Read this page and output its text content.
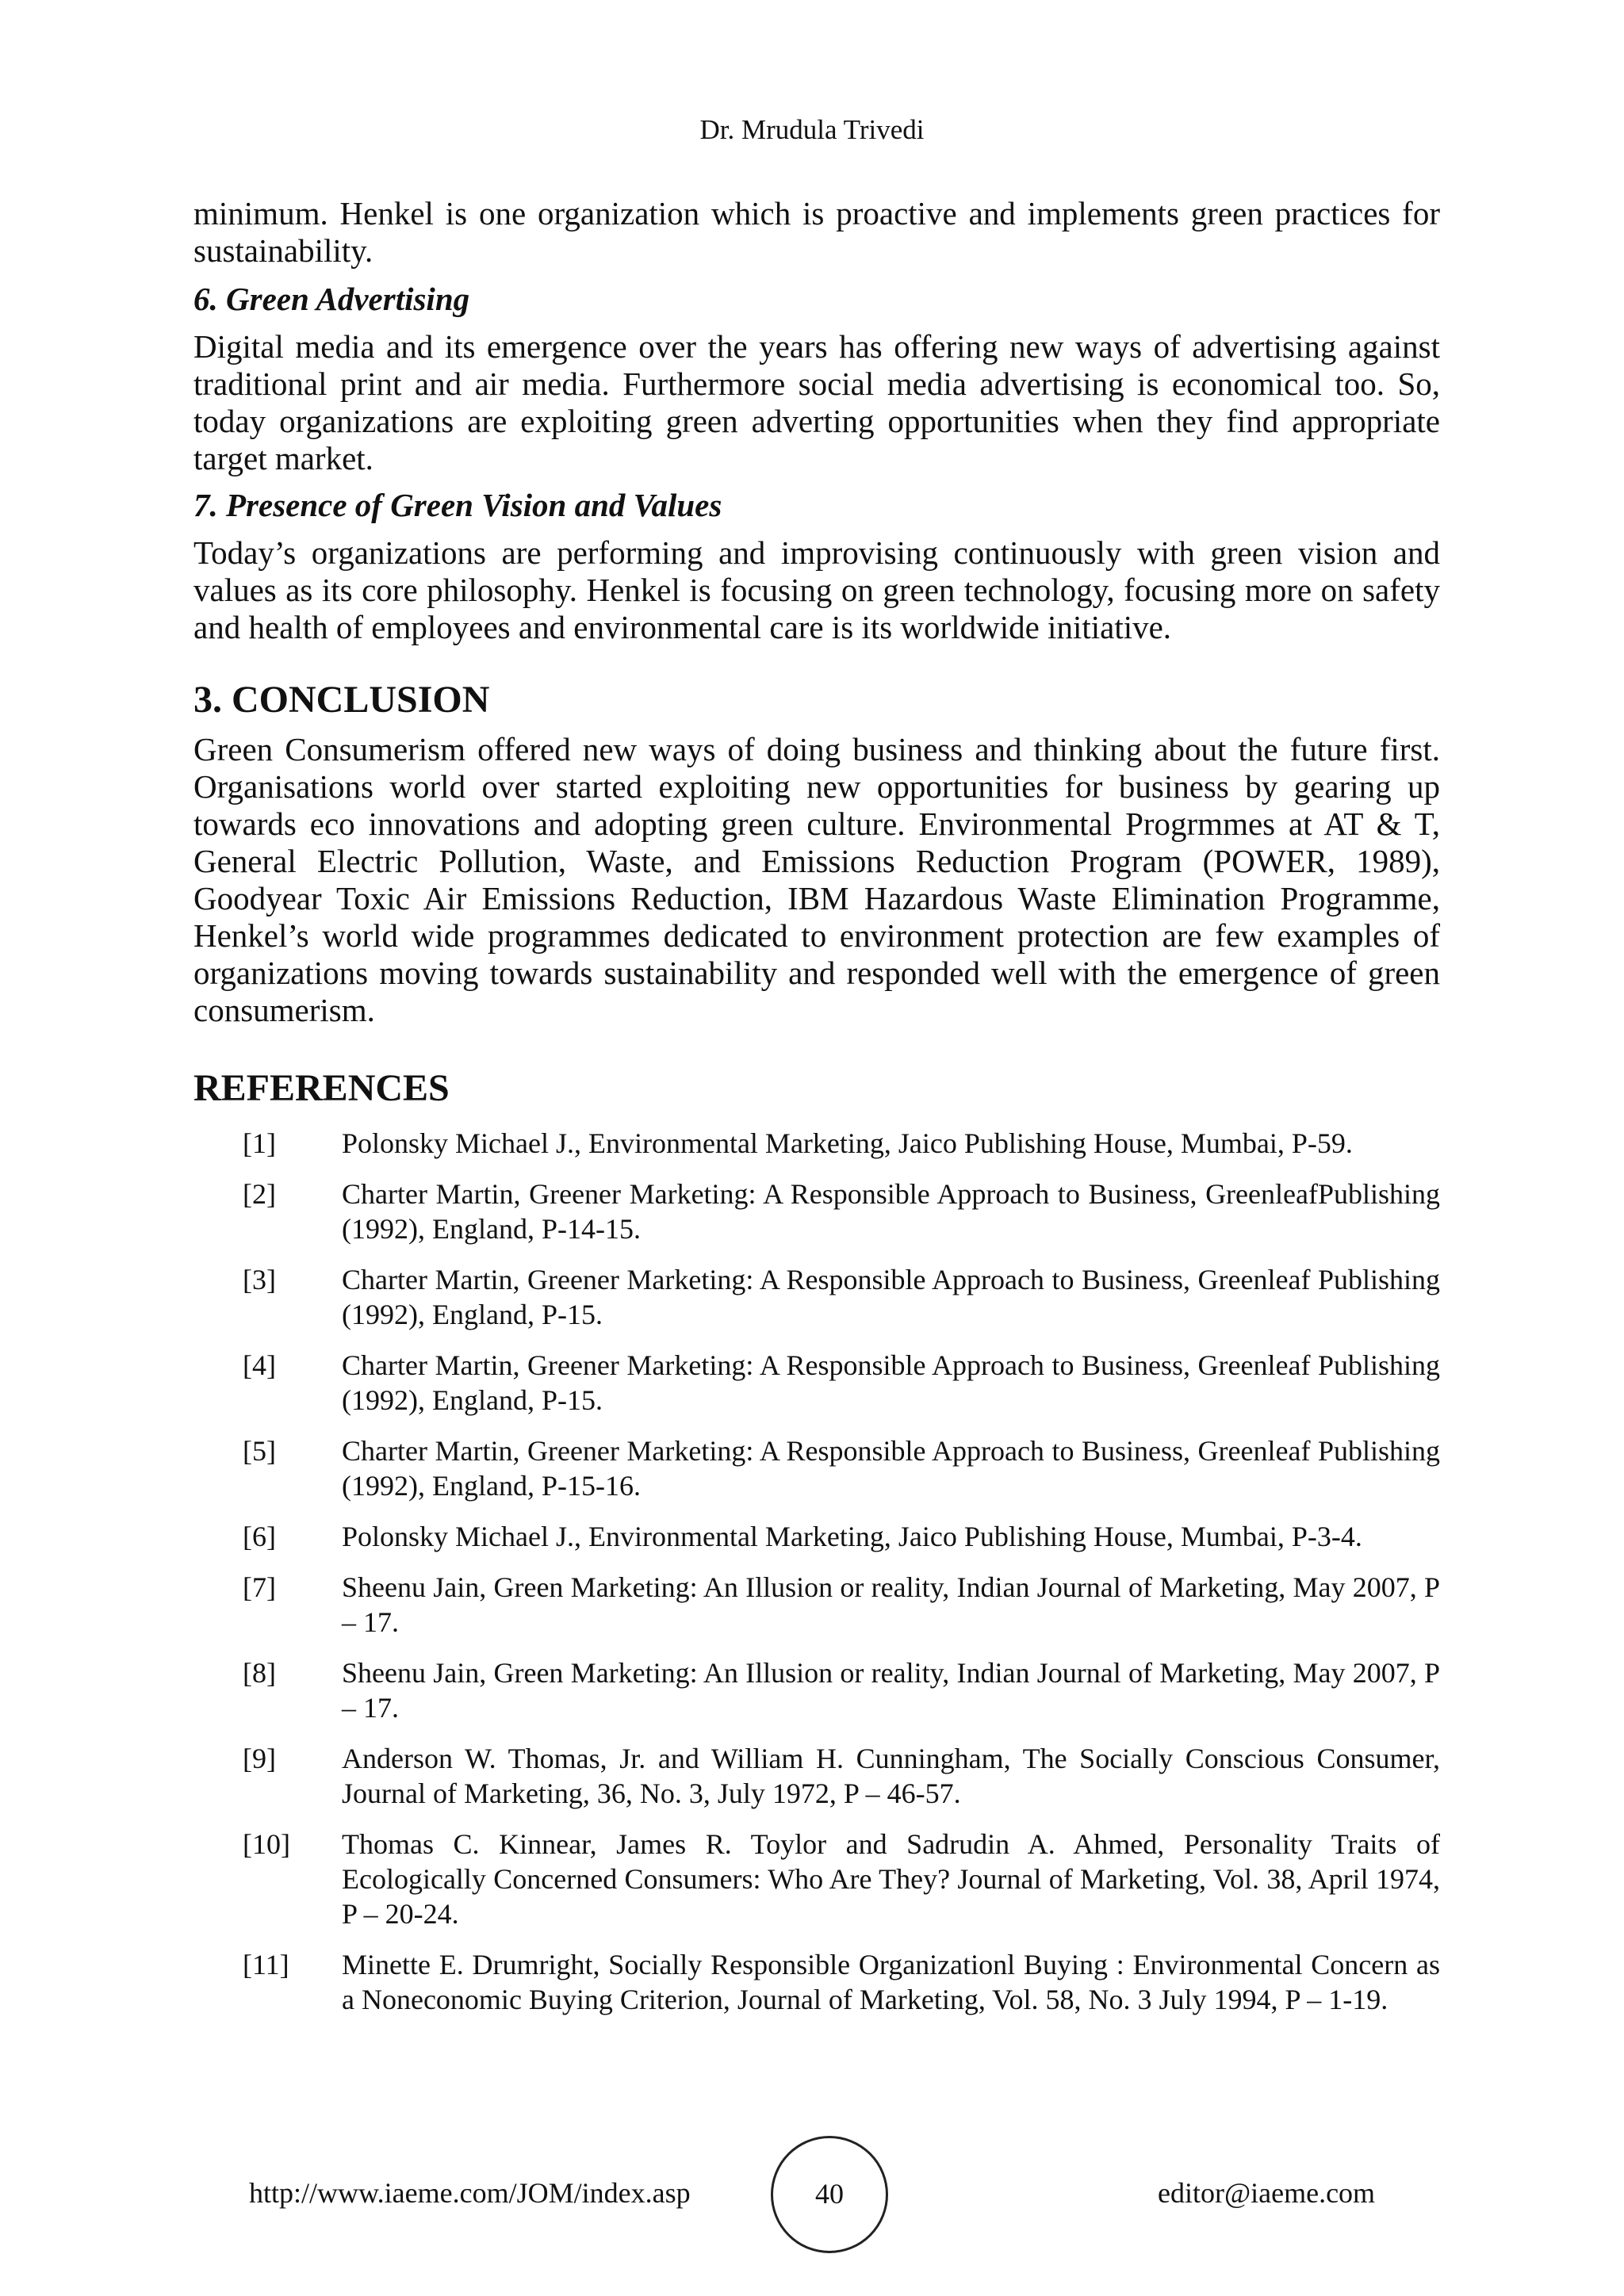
Dr. Mrudula Trivedi

minimum. Henkel is one organization which is proactive and implements green practices for sustainability.

6. Green Advertising

Digital media and its emergence over the years has offering new ways of advertising against traditional print and air media. Furthermore social media advertising is economical too. So, today organizations are exploiting green adverting opportunities when they find appropriate target market.

7. Presence of Green Vision and Values

Today’s organizations are performing and improvising continuously with green vision and values as its core philosophy. Henkel is focusing on green technology, focusing more on safety and health of employees and environmental care is its worldwide initiative.

3. CONCLUSION

Green Consumerism offered new ways of doing business and thinking about the future first. Organisations world over started exploiting new opportunities for business by gearing up towards eco innovations and adopting green culture. Environmental Progrmmes at AT & T, General Electric Pollution, Waste, and Emissions Reduction Program (POWER, 1989), Goodyear Toxic Air Emissions Reduction, IBM Hazardous Waste Elimination Programme, Henkel’s world wide programmes dedicated to environment protection are few examples of organizations moving towards sustainability and responded well with the emergence of green consumerism.

REFERENCES
[1]	Polonsky Michael J., Environmental Marketing, Jaico Publishing House, Mumbai, P-59.
[2]	Charter Martin, Greener Marketing: A Responsible Approach to Business, GreenleafPublishing (1992), England, P-14-15.
[3]	Charter Martin, Greener Marketing: A Responsible Approach to Business, Greenleaf Publishing (1992), England, P-15.
[4]	Charter Martin, Greener Marketing: A Responsible Approach to Business, Greenleaf Publishing (1992), England, P-15.
[5]	Charter Martin, Greener Marketing: A Responsible Approach to Business, Greenleaf Publishing (1992), England, P-15-16.
[6]	Polonsky Michael J., Environmental Marketing, Jaico Publishing House, Mumbai, P-3-4.
[7]	Sheenu Jain, Green Marketing: An Illusion or reality, Indian Journal of Marketing, May 2007, P – 17.
[8]	Sheenu Jain, Green Marketing: An Illusion or reality, Indian Journal of Marketing, May 2007, P – 17.
[9]	Anderson W. Thomas, Jr. and William H. Cunningham, The Socially Conscious Consumer, Journal of Marketing, 36, No. 3, July 1972, P – 46-57.
[10]	Thomas C. Kinnear, James R. Toylor and Sadrudin A. Ahmed, Personality Traits of Ecologically Concerned Consumers: Who Are They? Journal of Marketing, Vol. 38, April 1974, P – 20-24.
[11]	Minette E. Drumright, Socially Responsible Organizationl Buying : Environmental Concern as a Noneconomic Buying Criterion, Journal of Marketing, Vol. 58, No. 3 July 1994, P – 1-19.
http://www.iaeme.com/JOM/index.asp	40	editor@iaeme.com
